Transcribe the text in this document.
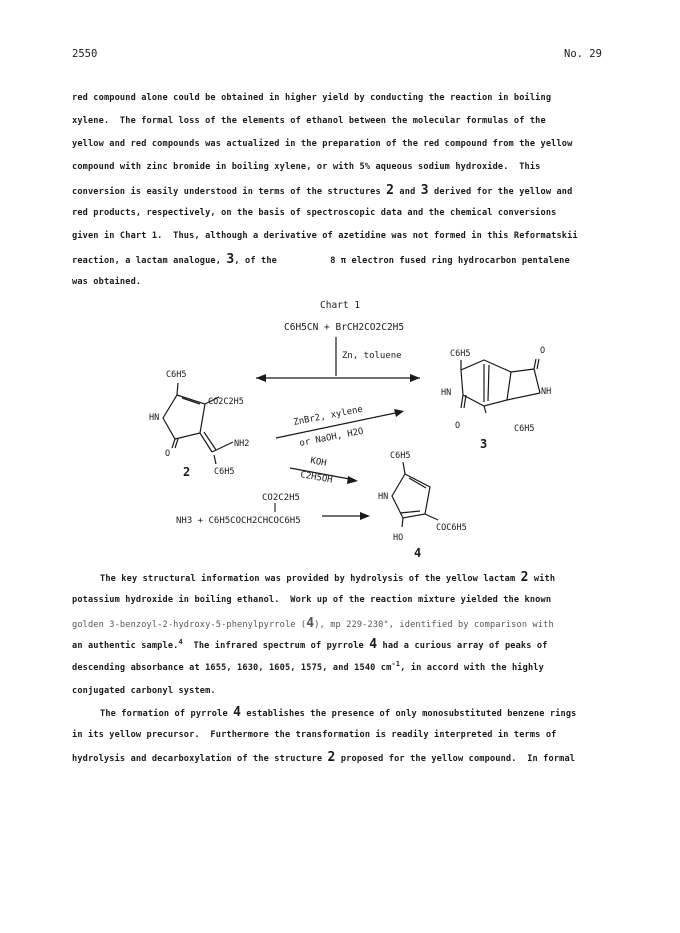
2550	No. 29
red compound alone could be obtained in higher yield by conducting the reaction in boiling
xylene.  The formal loss of the elements of ethanol between the molecular formulas of the
yellow and red compounds was actualized in the preparation of the red compound from the yellow
compound with zinc bromide in boiling xylene, or with 5% aqueous sodium hydroxide.  This
conversion is easily understood in terms of the structures 2 and 3 derived for the yellow and
red products, respectively, on the basis of spectroscopic data and the chemical conversions
given in Chart 1.  Thus, although a derivative of azetidine was not formed in this Reformatskii
reaction, a lactam analogue, 3, of the          8 π electron fused ring hydrocarbon pentalene
was obtained.
Chart 1
C6H5CN + BrCH2CO2C2H5
Zn, toluene
ZnBr2, xylene
or NaOH, H2O
KOH
C2H5OH
C6H5
CO2C2H5
HN
NH2
O
C6H5
2
C6H5	O
HN	NH
O	C6H5
3
C6H5
HN
COC6H5
HO
4
CO2C2H5
NH3 + C6H5COCH2CHCOC6H5
The key structural information was provided by hydrolysis of the yellow lactam 2 with
potassium hydroxide in boiling ethanol.  Work up of the reaction mixture yielded the known
golden 3-benzoyl-2-hydroxy-5-phenylpyrrole (4), mp 229-230°, identified by comparison with
an authentic sample.$^4$  The infrared spectrum of pyrrole 4 had a curious array of peaks of
descending absorbance at 1655, 1630, 1605, 1575, and 1540 $cm^{-1}$, in accord with the highly
conjugated carbonyl system.
The formation of pyrrole 4 establishes the presence of only monosubstituted benzene rings
in its yellow precursor.  Furthermore the transformation is readily interpreted in terms of
hydrolysis and decarboxylation of the structure 2 proposed for the yellow compound.  In formal
